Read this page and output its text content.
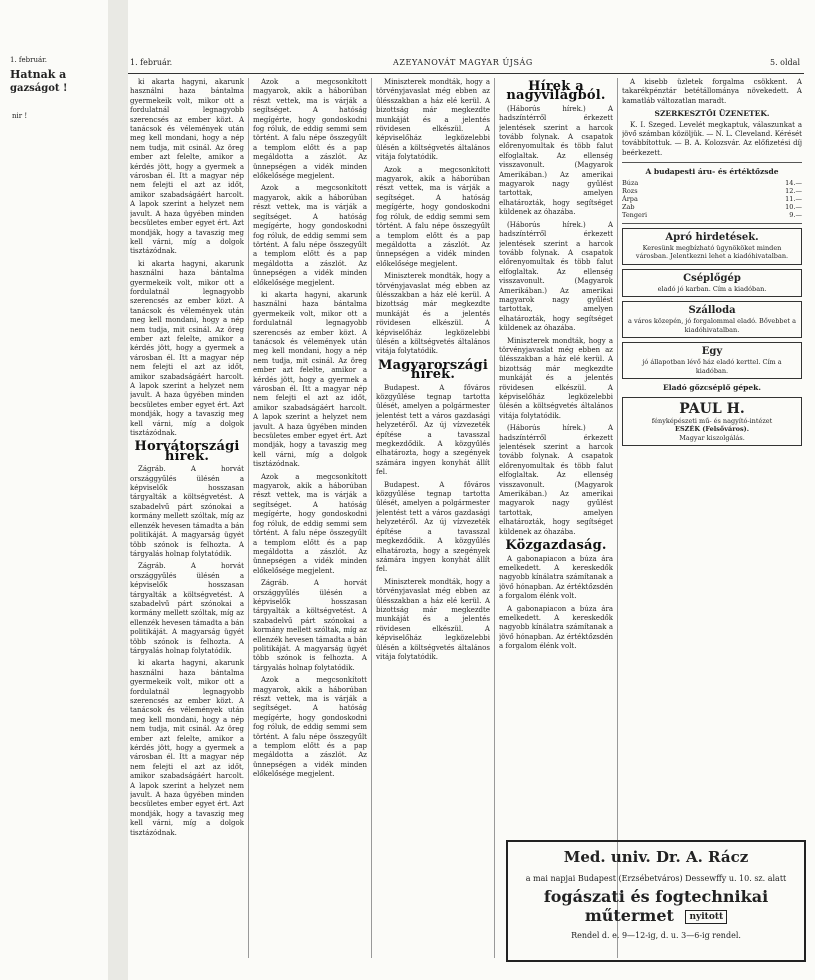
1. február.
Hatnak a
gazságot !
nir !
1. február.	AZEYANOVÁT MAGYAR ÚJSÁG	5. oldal

ki akarta hagyni, akarunk használni haza bántalma gyermekeik volt, mikor ott a fordulatnál legnagyobb szerencsés az ember közt. A tanácsok és vélemények után meg kell mondani, hogy a nép nem tudja, mit csinál. Az öreg ember azt felelte, amikor a kérdés jött, hogy a gyermek a városban él. Itt a magyar nép nem felejti el azt az időt, amikor szabadságáért harcolt. A lapok szerint a helyzet nem javult. A haza ügyében minden becsületes ember egyet ért. Azt mondják, hogy a tavaszig meg kell várni, míg a dolgok tisztázódnak.

ki akarta hagyni, akarunk használni haza bántalma gyermekeik volt, mikor ott a fordulatnál legnagyobb szerencsés az ember közt. A tanácsok és vélemények után meg kell mondani, hogy a nép nem tudja, mit csinál. Az öreg ember azt felelte, amikor a kérdés jött, hogy a gyermek a városban él. Itt a magyar nép nem felejti el azt az időt, amikor szabadságáért harcolt. A lapok szerint a helyzet nem javult. A haza ügyében minden becsületes ember egyet ért. Azt mondják, hogy a tavaszig meg kell várni, míg a dolgok tisztázódnak.

Horvátországi hírek.

Zágráb. A horvát országgyűlés ülésén a képviselők hosszasan tárgyalták a költségvetést. A szabadelvű párt szónokai a kormány mellett szóltak, míg az ellenzék hevesen támadta a bán politikáját. A magyarság ügyét több szónok is felhozta. A tárgyalás holnap folytatódik.

Zágráb. A horvát országgyűlés ülésén a képviselők hosszasan tárgyalták a költségvetést. A szabadelvű párt szónokai a kormány mellett szóltak, míg az ellenzék hevesen támadta a bán politikáját. A magyarság ügyét több szónok is felhozta. A tárgyalás holnap folytatódik.

ki akarta hagyni, akarunk használni haza bántalma gyermekeik volt, mikor ott a fordulatnál legnagyobb szerencsés az ember közt. A tanácsok és vélemények után meg kell mondani, hogy a nép nem tudja, mit csinál. Az öreg ember azt felelte, amikor a kérdés jött, hogy a gyermek a városban él. Itt a magyar nép nem felejti el azt az időt, amikor szabadságáért harcolt. A lapok szerint a helyzet nem javult. A haza ügyében minden becsületes ember egyet ért. Azt mondják, hogy a tavaszig meg kell várni, míg a dolgok tisztázódnak.

Azok a megcsonkított magyarok, akik a háborúban részt vettek, ma is várják a segítséget. A hatóság megígérte, hogy gondoskodni fog róluk, de eddig semmi sem történt. A falu népe összegyűlt a templom előtt és a pap megáldotta a zászlót. Az ünnepségen a vidék minden előkelősége megjelent.

Azok a megcsonkított magyarok, akik a háborúban részt vettek, ma is várják a segítséget. A hatóság megígérte, hogy gondoskodni fog róluk, de eddig semmi sem történt. A falu népe összegyűlt a templom előtt és a pap megáldotta a zászlót. Az ünnepségen a vidék minden előkelősége megjelent.

ki akarta hagyni, akarunk használni haza bántalma gyermekeik volt, mikor ott a fordulatnál legnagyobb szerencsés az ember közt. A tanácsok és vélemények után meg kell mondani, hogy a nép nem tudja, mit csinál. Az öreg ember azt felelte, amikor a kérdés jött, hogy a gyermek a városban él. Itt a magyar nép nem felejti el azt az időt, amikor szabadságáért harcolt. A lapok szerint a helyzet nem javult. A haza ügyében minden becsületes ember egyet ért. Azt mondják, hogy a tavaszig meg kell várni, míg a dolgok tisztázódnak.

Azok a megcsonkított magyarok, akik a háborúban részt vettek, ma is várják a segítséget. A hatóság megígérte, hogy gondoskodni fog róluk, de eddig semmi sem történt. A falu népe összegyűlt a templom előtt és a pap megáldotta a zászlót. Az ünnepségen a vidék minden előkelősége megjelent.

Zágráb. A horvát országgyűlés ülésén a képviselők hosszasan tárgyalták a költségvetést. A szabadelvű párt szónokai a kormány mellett szóltak, míg az ellenzék hevesen támadta a bán politikáját. A magyarság ügyét több szónok is felhozta. A tárgyalás holnap folytatódik.

Azok a megcsonkított magyarok, akik a háborúban részt vettek, ma is várják a segítséget. A hatóság megígérte, hogy gondoskodni fog róluk, de eddig semmi sem történt. A falu népe összegyűlt a templom előtt és a pap megáldotta a zászlót. Az ünnepségen a vidék minden előkelősége megjelent.

Miniszterek mondták, hogy a törvényjavaslat még ebben az ülésszakban a ház elé kerül. A bizottság már megkezdte munkáját és a jelentés rövidesen elkészül. A képviselőház legközelebbi ülésén a költségvetés általános vitája folytatódik.

Azok a megcsonkított magyarok, akik a háborúban részt vettek, ma is várják a segítséget. A hatóság megígérte, hogy gondoskodni fog róluk, de eddig semmi sem történt. A falu népe összegyűlt a templom előtt és a pap megáldotta a zászlót. Az ünnepségen a vidék minden előkelősége megjelent.

Miniszterek mondták, hogy a törvényjavaslat még ebben az ülésszakban a ház elé kerül. A bizottság már megkezdte munkáját és a jelentés rövidesen elkészül. A képviselőház legközelebbi ülésén a költségvetés általános vitája folytatódik.

Magyarországi hírek.

Budapest. A főváros közgyűlése tegnap tartotta ülését, amelyen a polgármester jelentést tett a város gazdasági helyzetéről. Az új vízvezeték építése a tavasszal megkezdődik. A közgyűlés elhatározta, hogy a szegények számára ingyen konyhát állít fel.

Budapest. A főváros közgyűlése tegnap tartotta ülését, amelyen a polgármester jelentést tett a város gazdasági helyzetéről. Az új vízvezeték építése a tavasszal megkezdődik. A közgyűlés elhatározta, hogy a szegények számára ingyen konyhát állít fel.

Miniszterek mondták, hogy a törvényjavaslat még ebben az ülésszakban a ház elé kerül. A bizottság már megkezdte munkáját és a jelentés rövidesen elkészül. A képviselőház legközelebbi ülésén a költségvetés általános vitája folytatódik.

Hírek a nagyvilágból.

(Háborús hírek.) A hadszíntérről érkezett jelentések szerint a harcok tovább folynak. A csapatok előrenyomultak és több falut elfoglaltak. Az ellenség visszavonult. (Magyarok Amerikában.) Az amerikai magyarok nagy gyűlést tartottak, amelyen elhatározták, hogy segítséget küldenek az óhazába.

(Háborús hírek.) A hadszíntérről érkezett jelentések szerint a harcok tovább folynak. A csapatok előrenyomultak és több falut elfoglaltak. Az ellenség visszavonult. (Magyarok Amerikában.) Az amerikai magyarok nagy gyűlést tartottak, amelyen elhatározták, hogy segítséget küldenek az óhazába.

Miniszterek mondták, hogy a törvényjavaslat még ebben az ülésszakban a ház elé kerül. A bizottság már megkezdte munkáját és a jelentés rövidesen elkészül. A képviselőház legközelebbi ülésén a költségvetés általános vitája folytatódik.

(Háborús hírek.) A hadszíntérről érkezett jelentések szerint a harcok tovább folynak. A csapatok előrenyomultak és több falut elfoglaltak. Az ellenség visszavonult. (Magyarok Amerikában.) Az amerikai magyarok nagy gyűlést tartottak, amelyen elhatározták, hogy segítséget küldenek az óhazába.

Közgazdaság.

A gabonapiacon a búza ára emelkedett. A kereskedők nagyobb kínálatra számítanak a jövő hónapban. Az értéktőzsdén a forgalom élénk volt.

A gabonapiacon a búza ára emelkedett. A kereskedők nagyobb kínálatra számítanak a jövő hónapban. Az értéktőzsdén a forgalom élénk volt.

A kisebb üzletek forgalma csökkent. A takarékpénztár betétállománya növekedett. A kamatláb változatlan maradt.

SZERKESZTŐI ÜZENETEK.

K. I. Szeged. Levelét megkaptuk, válaszunkat a jövő számban közöljük. — N. L. Cleveland. Kérését továbbítottuk. — B. A. Kolozsvár. Az előfizetési díj beérkezett.

A budapesti áru- és értéktőzsde
Búza	14.—
Rozs	12.—
Árpa	11.—
Zab	10.—
Tengeri	9.—
Apró hirdetések.
Keresünk megbízható ügynököket minden városban. Jelentkezni lehet a kiadóhivatalban.
Cséplőgép
eladó jó karban. Cím a kiadóban.
Szálloda
a város közepén, jó forgalommal eladó. Bővebbet a kiadóhivatalban.
Egy
jó állapotban lévő ház eladó kerttel. Cím a kiadóban.
Eladó gőzcséplő gépek.
PAUL H.
fényképészeti mű- és nagyító-intézet
ESZÉK (Felsőváros).
Magyar kiszolgálás.
Med. univ. Dr. A. Rácz
a mai napjai Budapest (Erzsébetváros) Dessewffy u. 10. sz. alatt
fogászati és fogtechnikai műtermet nyitott
Rendel d. e. 9—12-ig, d. u. 3—6-ig rendel.
